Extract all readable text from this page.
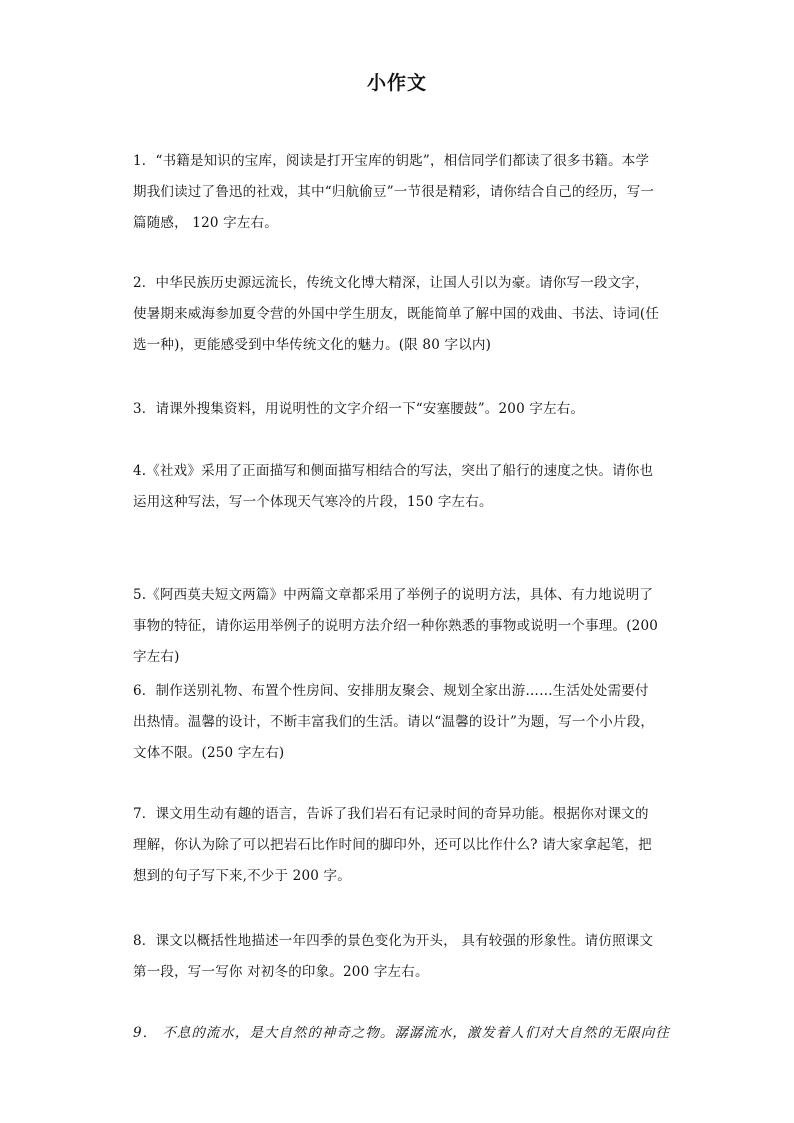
小作文

1．“书籍是知识的宝库，阅读是打开宝库的钥匙”，相信同学们都读了很多书籍。本学

期我们读过了鲁迅的社戏，其中“归航偷豆”一节很是精彩，请你结合自己的经历，写一

篇随感， 120 字左右。

2．中华民族历史源远流长，传统文化博大精深，让国人引以为豪。请你写一段文字，

使暑期来威海参加夏令营的外国中学生朋友，既能简单了解中国的戏曲、书法、诗词(任

选一种)，更能感受到中华传统文化的魅力。(限 80 字以内)

3．请课外搜集资料，用说明性的文字介绍一下“安塞腰鼓”。200 字左右。

4.《社戏》采用了正面描写和侧面描写相结合的写法，突出了船行的速度之快。请你也

运用这种写法，写一个体现天气寒冷的片段，150 字左右。

5.《阿西莫夫短文两篇》中两篇文章都采用了举例子的说明方法，具体、有力地说明了

事物的特征，请你运用举例子的说明方法介绍一种你熟悉的事物或说明一个事理。(200

字左右)

6．制作送别礼物、布置个性房间、安排朋友聚会、规划全家出游……生活处处需要付

出热情。温馨的设计，不断丰富我们的生活。请以“温馨的设计”为题，写一个小片段，

文体不限。(250 字左右)

7．课文用生动有趣的语言，告诉了我们岩石有记录时间的奇异功能。根据你对课文的

理解，你认为除了可以把岩石比作时间的脚印外，还可以比作什么? 请大家拿起笔，把

想到的句子写下来,不少于 200 字。

8．课文以概括性地描述一年四季的景色变化为开头， 具有较强的形象性。请仿照课文

第一段，写一写你 对初冬的印象。200 字左右。

9． 不息的流水，是大自然的神奇之物。潺潺流水，激发着人们对大自然的无限向往
